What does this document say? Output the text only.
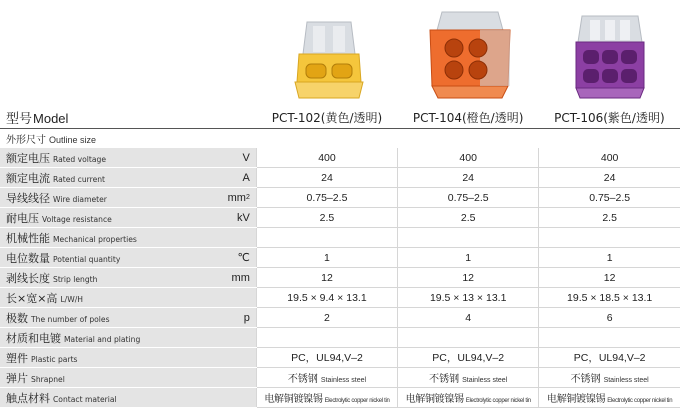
型号Model	PCT-102(黄色/透明)	PCT-104(橙色/透明)	PCT-106(紫色/透明)
外形尺寸 Outline size			
额定电压 Rated voltage V	400	400	400
额定电流 Rated current A	24	24	24
导线线径 Wire diameter mm 2	0.75–2.5	0.75–2.5	0.75–2.5
耐电压 Voltage resistance kV	2.5	2.5	2.5
机械性能 Mechanical properties

电位数量 Potential quantity ℃	1	1	1
剥线长度 Strip length mm	12	12	12
长×宽×高 L/W/H	19.5 × 9.4 × 13.1	19.5 × 13 × 13.1	19.5 × 18.5 × 13.1
极数 The number of poles p	2	4	6
材质和电镀 Material and plating

塑件 Plastic parts	PC，UL94,V–2	PC，UL94,V–2	PC，UL94,V–2
弹片 Shrapnel	不锈钢 Stainless steel	不锈钢 Stainless steel	不锈钢 Stainless steel
触点材料 Contact material	电解铜镀镍锡 Electrolytic copper nickel tin	电解铜镀镍锡 Electrolytic copper nickel tin	电解铜镀镍锡 Electrolytic copper nickel tin
